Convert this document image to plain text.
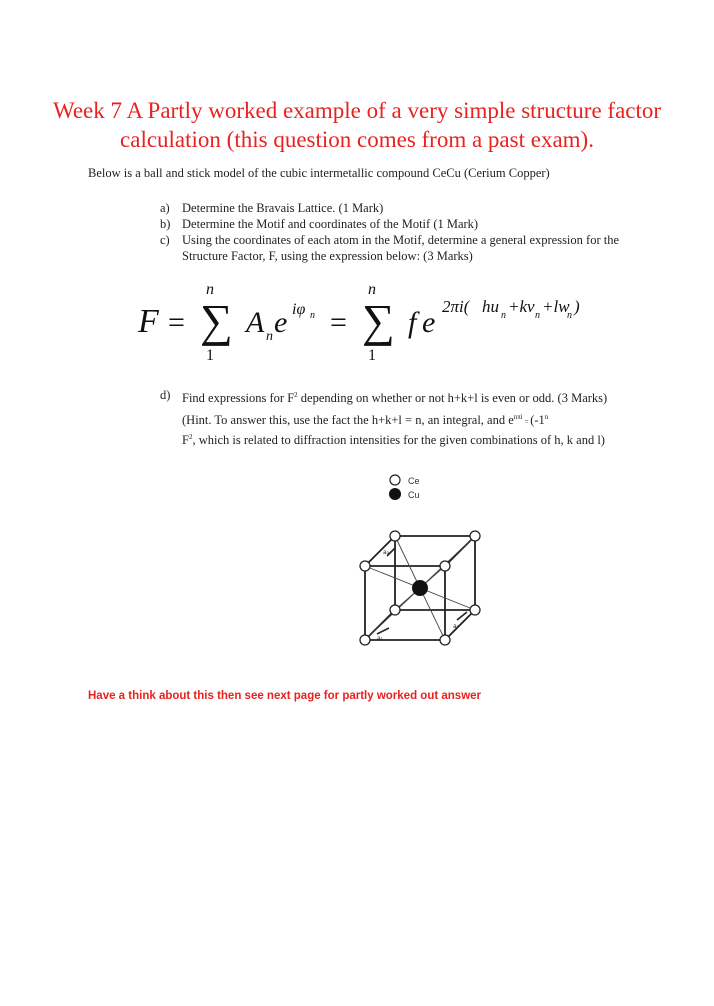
Week 7 A Partly worked example of a very simple structure factor calculation (this question comes from a past exam).
Below is a ball and stick model of the cubic intermetallic compound CeCu (Cerium Copper)
a) Determine the Bravais Lattice. (1 Mark)
b) Determine the Motif and coordinates of the Motif (1 Mark)
c) Using the coordinates of each atom in the Motif, determine a general expression for the Structure Factor, F, using the expression below: (3 Marks)
F = ∑
n
1
A n e iφ n = ∑
n
1
f e 2πi( hu n +kv n +lw
n )
d) Find expressions for $F^2$ depending on whether or not h+k+l is even or odd. (3 Marks)
(Hint. To answer this, use the fact the h+k+l = n, an integral, and $e^{n\pi i} = (-1^n$
$F^2$, which is related to diffraction intensities for the given combinations of h, k and l)
Ce
Cu
a₁
a₂
a₃
Have a think about this then see next page for partly worked out answer
